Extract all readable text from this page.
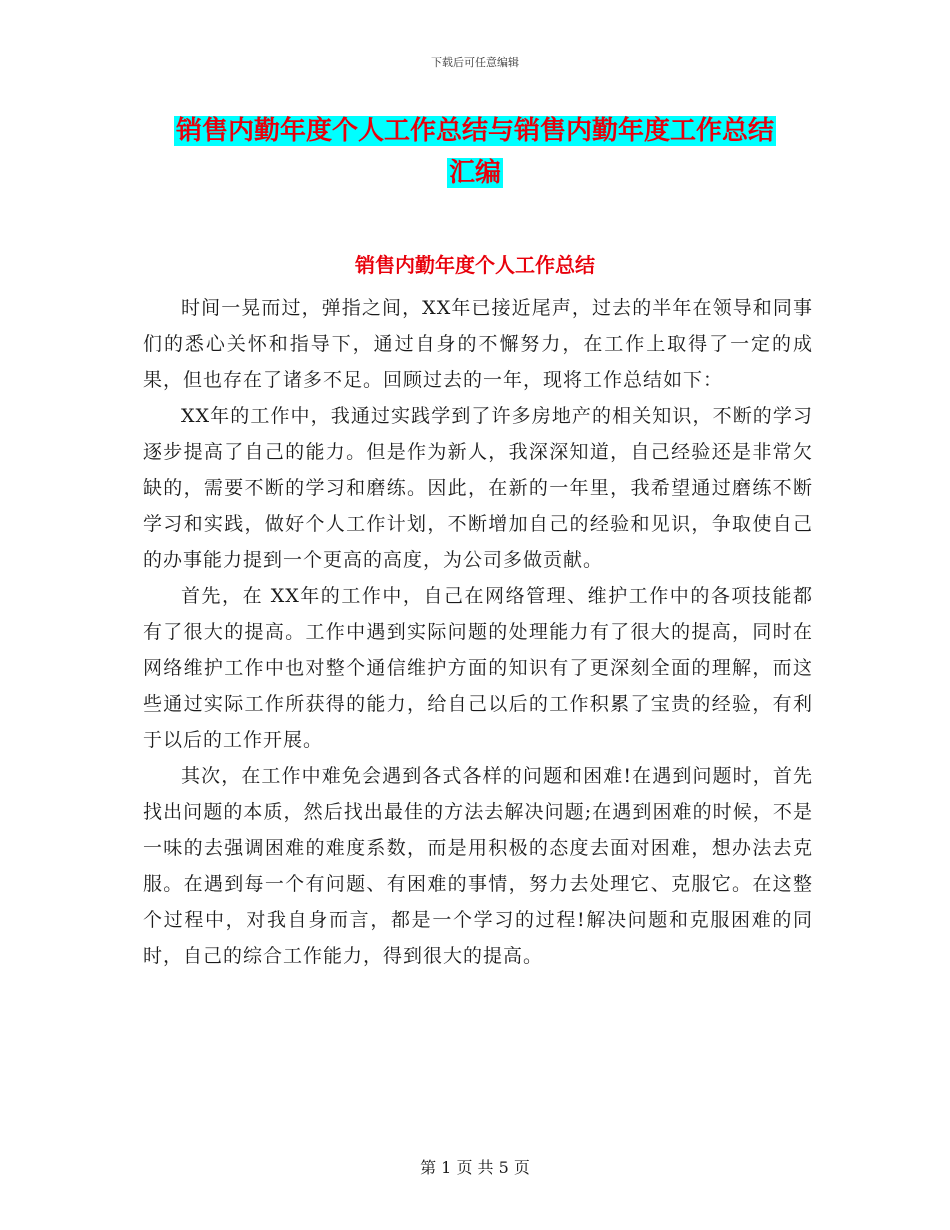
下载后可任意编辑
销售内勤年度个人工作总结与销售内勤年度工作总结
汇编
销售内勤年度个人工作总结

时间一晃而过，弹指之间，XX年已接近尾声，过去的半年在领导和同事们的悉心关怀和指导下，通过自身的不懈努力，在工作上取得了一定的成果，但也存在了诸多不足。回顾过去的一年，现将工作总结如下：

XX年的工作中，我通过实践学到了许多房地产的相关知识，不断的学习逐步提高了自己的能力。但是作为新人，我深深知道，自己经验还是非常欠缺的，需要不断的学习和磨练。因此，在新的一年里，我希望通过磨练不断学习和实践，做好个人工作计划，不断增加自己的经验和见识，争取使自己的办事能力提到一个更高的高度，为公司多做贡献。

首先，在 XX年的工作中，自己在网络管理、维护工作中的各项技能都有了很大的提高。工作中遇到实际问题的处理能力有了很大的提高，同时在网络维护工作中也对整个通信维护方面的知识有了更深刻全面的理解，而这些通过实际工作所获得的能力，给自己以后的工作积累了宝贵的经验，有利于以后的工作开展。

其次，在工作中难免会遇到各式各样的问题和困难!在遇到问题时，首先找出问题的本质，然后找出最佳的方法去解决问题;在遇到困难的时候，不是一味的去强调困难的难度系数，而是用积极的态度去面对困难，想办法去克服。在遇到每一个有问题、有困难的事情，努力去处理它、克服它。在这整个过程中，对我自身而言，都是一个学习的过程!解决问题和克服困难的同时，自己的综合工作能力，得到很大的提高。

第 1 页 共 5 页
